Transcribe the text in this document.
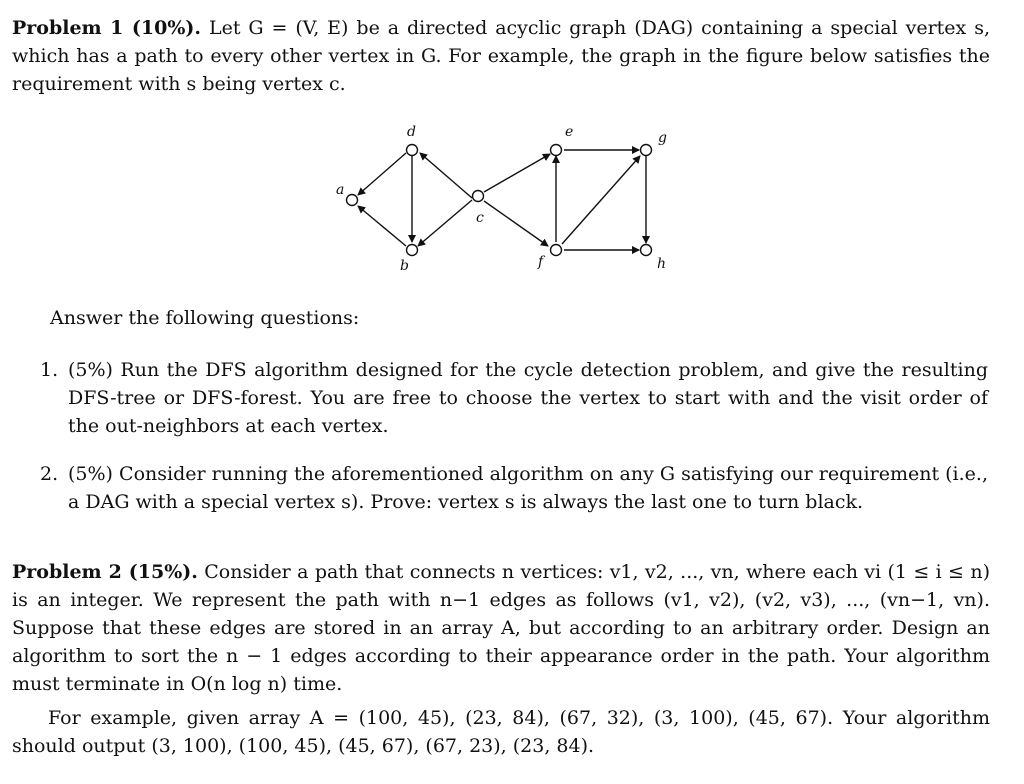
Problem 1 (10%). Let G = (V, E) be a directed acyclic graph (DAG) containing a special vertex s, which has a path to every other vertex in G. For example, the graph in the figure below satisfies the requirement with s being vertex c.
a
b
c
d	e
f
g
h
Answer the following questions:
1. (5%) Run the DFS algorithm designed for the cycle detection problem, and give the resulting DFS-tree or DFS-forest. You are free to choose the vertex to start with and the visit order of the out-neighbors at each vertex.
2. (5%) Consider running the aforementioned algorithm on any G satisfying our requirement (i.e., a DAG with a special vertex s). Prove: vertex s is always the last one to turn black.
Problem 2 (15%). Consider a path that connects n vertices: v1, v2, ..., vn, where each vi (1 ≤ i ≤ n) is an integer. We represent the path with n−1 edges as follows (v1, v2), (v2, v3), ..., (vn−1, vn). Suppose that these edges are stored in an array A, but according to an arbitrary order. Design an algorithm to sort the n − 1 edges according to their appearance order in the path. Your algorithm must terminate in O(n log n) time.
For example, given array A = (100, 45), (23, 84), (67, 32), (3, 100), (45, 67). Your algorithm should output (3, 100), (100, 45), (45, 67), (67, 23), (23, 84).
